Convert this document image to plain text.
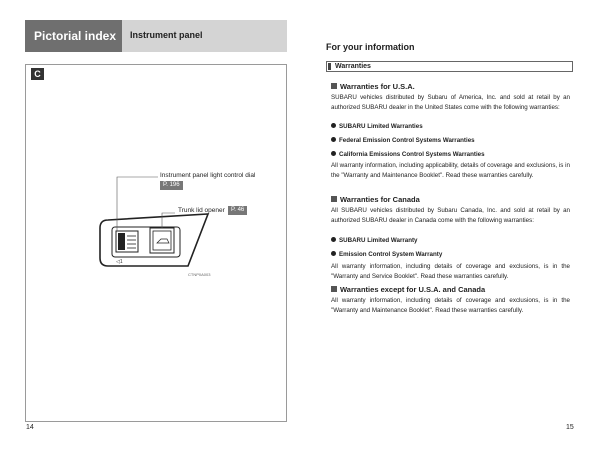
Pictorial index	Instrument panel
C
◁1
Instrument panel light control dial
P. 196
Trunk lid opener	P. 46
CTNP0A003
14
For your information
Warranties
Warranties for U.S.A.
SUBARU vehicles distributed by Subaru of America, Inc. and sold at retail by an authorized SUBARU dealer in the United States come with the following warranties:
SUBARU Limited Warranties
Federal Emission Control Systems Warranties
California Emissions Control Systems Warranties
All warranty information, including applicability, details of coverage and exclusions, is in the "Warranty and Maintenance Booklet". Read these warranties carefully.
Warranties for Canada
All SUBARU vehicles distributed by Subaru Canada, Inc. and sold at retail by an authorized SUBARU dealer in Canada come with the following warranties:
SUBARU Limited Warranty
Emission Control System Warranty
All warranty information, including details of coverage and exclusions, is in the "Warranty and Service Booklet". Read these warranties carefully.
Warranties except for U.S.A. and Canada
All warranty information, including details of coverage and exclusions, is in the "Warranty and Maintenance Booklet". Read these warranties carefully.
15
